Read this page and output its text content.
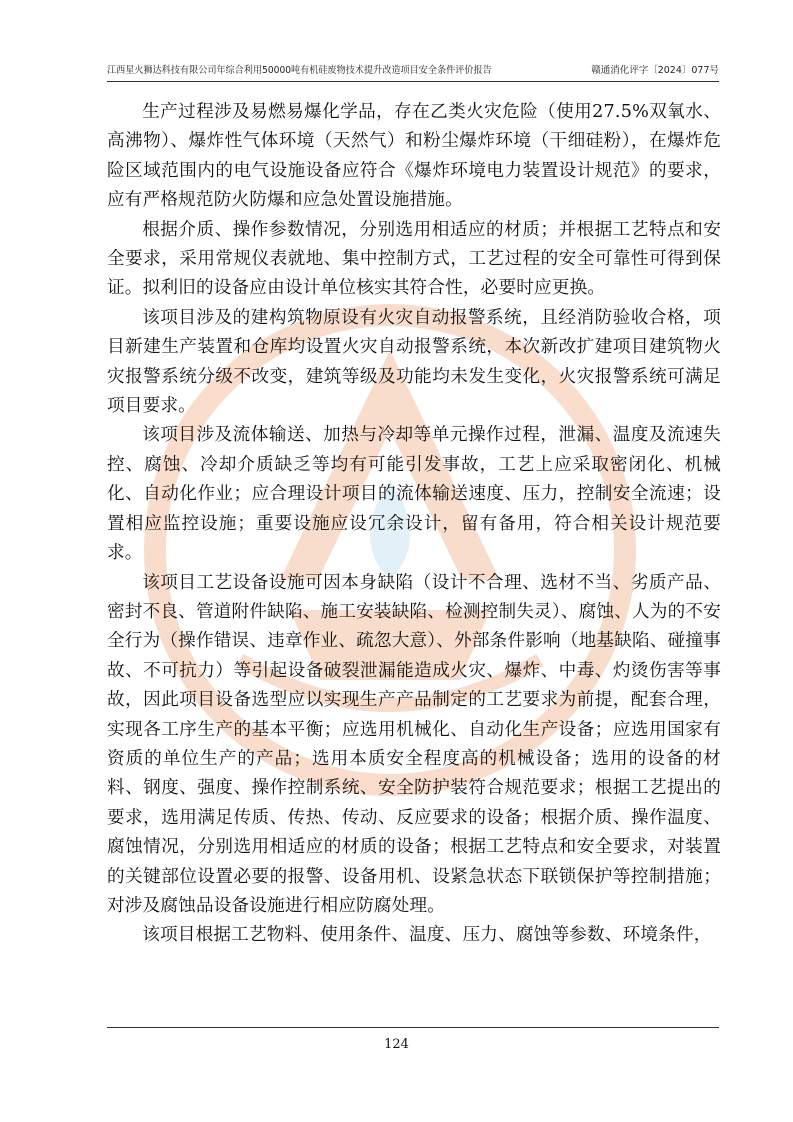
江西星火狮达科技有限公司年综合利用50000吨有机硅废物技术提升改造项目安全条件评价报告	赣通消化评字〔2024〕077号

生产过程涉及易燃易爆化学品，存在乙类火灾危险（使用27.5%双氧水、高沸物）、爆炸性气体环境（天然气）和粉尘爆炸环境（干细硅粉），在爆炸危险区域范围内的电气设施设备应符合《爆炸环境电力装置设计规范》的要求，应有严格规范防火防爆和应急处置设施措施。

根据介质、操作参数情况，分别选用相适应的材质；并根据工艺特点和安全要求，采用常规仪表就地、集中控制方式，工艺过程的安全可靠性可得到保证。拟利旧的设备应由设计单位核实其符合性，必要时应更换。

该项目涉及的建构筑物原设有火灾自动报警系统，且经消防验收合格，项目新建生产装置和仓库均设置火灾自动报警系统，本次新改扩建项目建筑物火灾报警系统分级不改变，建筑等级及功能均未发生变化，火灾报警系统可满足项目要求。

该项目涉及流体输送、加热与冷却等单元操作过程，泄漏、温度及流速失控、腐蚀、冷却介质缺乏等均有可能引发事故，工艺上应采取密闭化、机械化、自动化作业；应合理设计项目的流体输送速度、压力，控制安全流速；设置相应监控设施；重要设施应设冗余设计，留有备用，符合相关设计规范要求。

该项目工艺设备设施可因本身缺陷（设计不合理、选材不当、劣质产品、密封不良、管道附件缺陷、施工安装缺陷、检测控制失灵）、腐蚀、人为的不安全行为（操作错误、违章作业、疏忽大意）、外部条件影响（地基缺陷、碰撞事故、不可抗力）等引起设备破裂泄漏能造成火灾、爆炸、中毒、灼烫伤害等事故，因此项目设备选型应以实现生产产品制定的工艺要求为前提，配套合理，实现各工序生产的基本平衡；应选用机械化、自动化生产设备；应选用国家有资质的单位生产的产品；选用本质安全程度高的机械设备；选用的设备的材料、钢度、强度、操作控制系统、安全防护装符合规范要求；根据工艺提出的要求，选用满足传质、传热、传动、反应要求的设备；根据介质、操作温度、腐蚀情况，分别选用相适应的材质的设备；根据工艺特点和安全要求，对装置的关键部位设置必要的报警、设备用机、设紧急状态下联锁保护等控制措施；对涉及腐蚀品设备设施进行相应防腐处理。

该项目根据工艺物料、使用条件、温度、压力、腐蚀等参数、环境条件，

124
